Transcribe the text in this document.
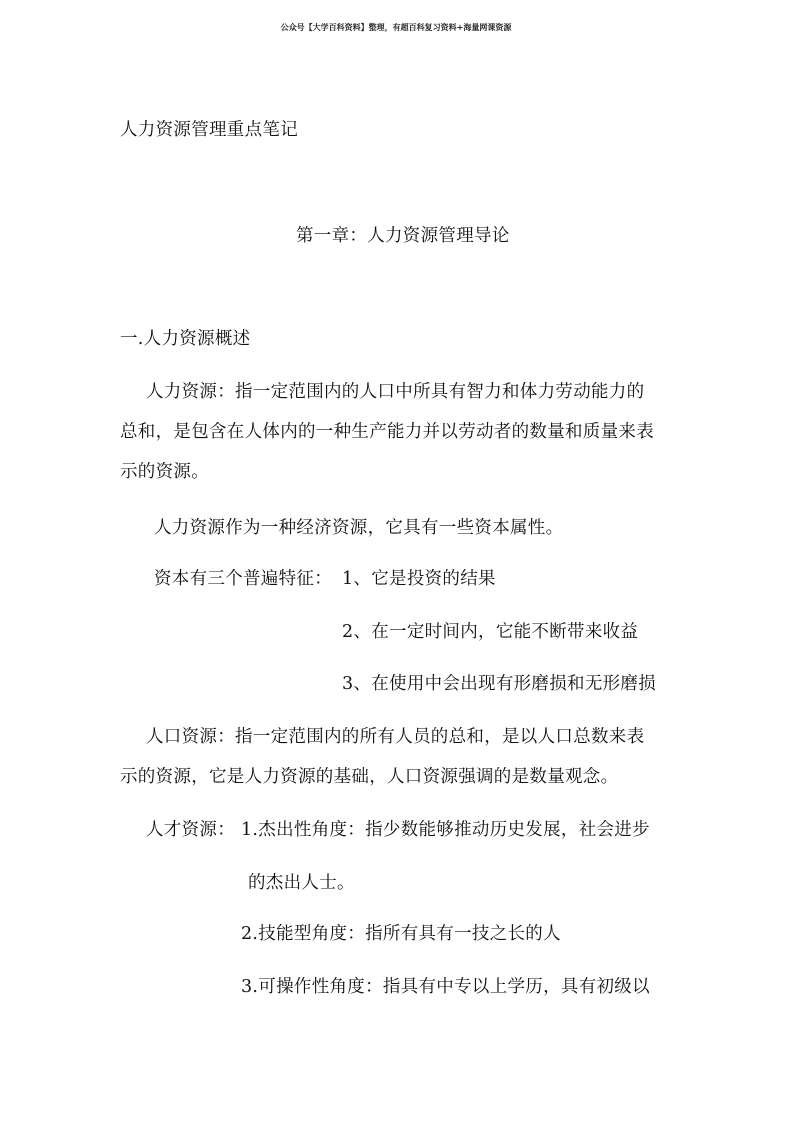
公众号【大学百科资料】整理，有超百科复习资料+海量网课资源
人力资源管理重点笔记
第一章：人力资源管理导论
一.人力资源概述
人力资源：指一定范围内的人口中所具有智力和体力劳动能力的
总和，是包含在人体内的一种生产能力并以劳动者的数量和质量来表
示的资源。
人力资源作为一种经济资源，它具有一些资本属性。
资本有三个普遍特征： 1、它是投资的结果
2、在一定时间内，它能不断带来收益
3、在使用中会出现有形磨损和无形磨损
人口资源：指一定范围内的所有人员的总和，是以人口总数来表
示的资源，它是人力资源的基础，人口资源强调的是数量观念。
人才资源： 1.杰出性角度：指少数能够推动历史发展，社会进步
的杰出人士。
2.技能型角度：指所有具有一技之长的人
3.可操作性角度：指具有中专以上学历，具有初级以
